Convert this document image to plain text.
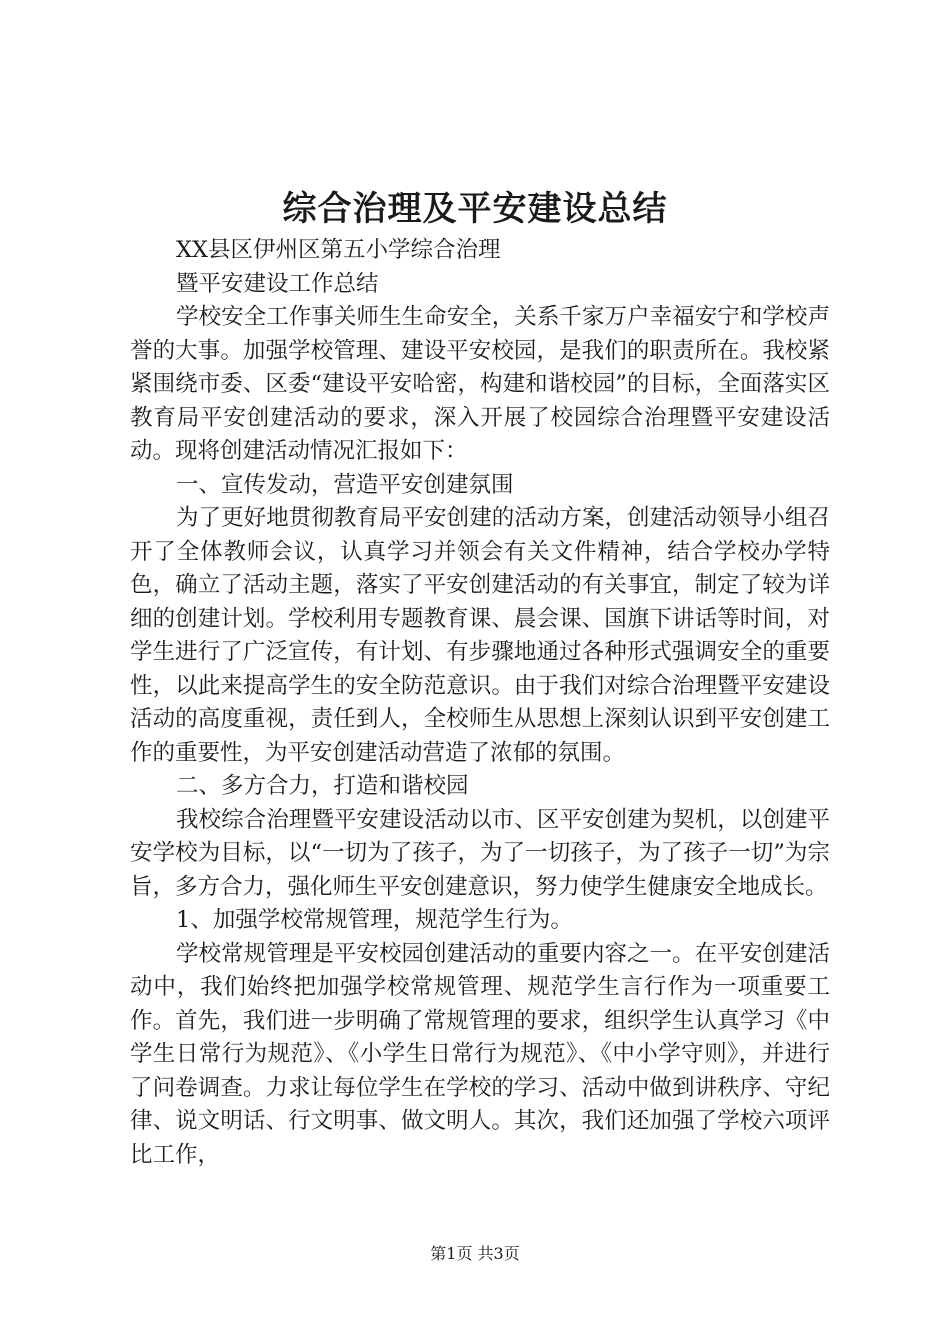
综合治理及平安建设总结

XX县区伊州区第五小学综合治理

暨平安建设工作总结

学校安全工作事关师生生命安全，关系千家万户幸福安宁和学校声誉的大事。加强学校管理、建设平安校园，是我们的职责所在。我校紧紧围绕市委、区委“建设平安哈密，构建和谐校园”的目标，全面落实区教育局平安创建活动的要求，深入开展了校园综合治理暨平安建设活动。现将创建活动情况汇报如下：

一、宣传发动，营造平安创建氛围

为了更好地贯彻教育局平安创建的活动方案，创建活动领导小组召开了全体教师会议，认真学习并领会有关文件精神，结合学校办学特色，确立了活动主题，落实了平安创建活动的有关事宜，制定了较为详细的创建计划。学校利用专题教育课、晨会课、国旗下讲话等时间，对学生进行了广泛宣传，有计划、有步骤地通过各种形式强调安全的重要性，以此来提高学生的安全防范意识。由于我们对综合治理暨平安建设活动的高度重视，责任到人，全校师生从思想上深刻认识到平安创建工作的重要性，为平安创建活动营造了浓郁的氛围。

二、多方合力，打造和谐校园

我校综合治理暨平安建设活动以市、区平安创建为契机，以创建平安学校为目标，以“一切为了孩子，为了一切孩子，为了孩子一切”为宗旨，多方合力，强化师生平安创建意识，努力使学生健康安全地成长。

1、加强学校常规管理，规范学生行为。

学校常规管理是平安校园创建活动的重要内容之一。在平安创建活动中，我们始终把加强学校常规管理、规范学生言行作为一项重要工作。首先，我们进一步明确了常规管理的要求，组织学生认真学习《中学生日常行为规范》、《小学生日常行为规范》、《中小学守则》，并进行了问卷调查。力求让每位学生在学校的学习、活动中做到讲秩序、守纪律、说文明话、行文明事、做文明人。其次，我们还加强了学校六项评比工作，

第1页 共3页
